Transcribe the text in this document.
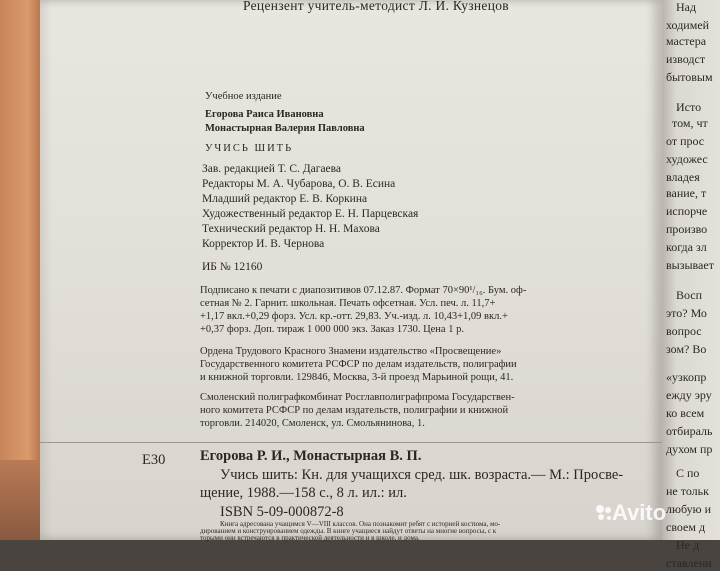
Над
ходимей
мастера
изводст
бытовым
Исто
том, чт
от прос
художес
владея
вание, т
испорче
произво
когда зл
вызывает
Восп
это? Мо
вопрос
зом? Во
«узкопр
ежду эру
ко всем
отбираль
духом пр
С по
не тольк
любую и
своем д
Не д
ставлени
Рецензент учитель-методист Л. И. Кузнецов
Учебное издание
Егорова Раиса Ивановна
Монастырная Валерия Павловна
УЧИСЬ ШИТЬ
Зав. редакцией Т. С. Дагаева
Редакторы М. А. Чубарова, О. В. Есина
Младший редактор Е. В. Коркина
Художественный редактор Е. Н. Парцевская
Технический редактор Н. Н. Махова
Корректор И. В. Чернова
ИБ № 12160
Подписано к печати с диапозитивов 07.12.87. Формат 70×90¹/₁₆. Бум. оф-
сетная № 2. Гарнит. школьная. Печать офсетная. Усл. печ. л. 11,7+
+1,17 вкл.+0,29 форз. Усл. кр.-отт. 29,83. Уч.-изд. л. 10,43+1,09 вкл.+
+0,37 форз. Доп. тираж 1 000 000 экз. Заказ 1730. Цена 1 р.
Ордена Трудового Красного Знамени издательство «Просвещение»
Государственного комитета РСФСР по делам издательств, полиграфии
и книжной торговли. 129846, Москва, 3-й проезд Марьиной рощи, 41.
Смоленский полиграфкомбинат Росглавполиграфпрома Государствен-
ного комитета РСФСР по делам издательств, полиграфии и книжной
торговли. 214020, Смоленск, ул. Смольянинова, 1.
Е30 Егорова Р. И., Монастырная В. П.
Учись шить: Кн. для учащихся сред. шк. возраста.— М.: Просве-
щение, 1988.—158 с., 8 л. ил.: ил.
ISBN 5-09-000872-8
Книга адресована учащимся V—VIII классов. Она познакомит ребят с историей костюма, мо-
дированием и конструированием одежды. В книге учащиеся найдут ответы на многие вопросы, с к
торыми они встречаются в практической деятельности и в школе, и дома.
Avito
